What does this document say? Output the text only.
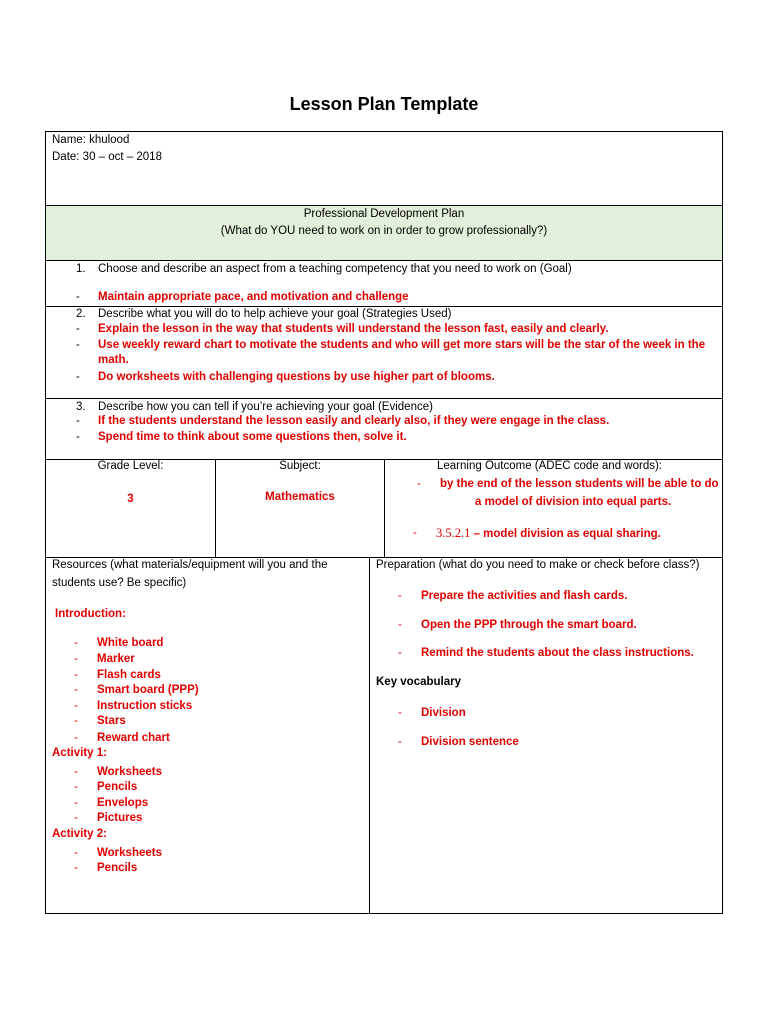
Lesson Plan Template
Name: khulood
Date: 30 – oct – 2018
Professional Development Plan
(What do YOU need to work on in order to grow professionally?)
1. Choose and describe an aspect from a teaching competency that you need to work on (Goal)
- Maintain appropriate pace, and motivation and challenge
2. Describe what you will do to help achieve your goal (Strategies Used)
- Explain the lesson in the way that students will understand the lesson fast, easily and clearly.
- Use weekly reward chart to motivate the students and who will get more stars will be the star of the week in the
math.
- Do worksheets with challenging questions by use higher part of blooms.
3. Describe how you can tell if you’re achieving your goal (Evidence)
- If the students understand the lesson easily and clearly also, if they were engage in the class.
- Spend time to think about some questions then, solve it.
Grade Level:
3
Subject:
Mathematics
Learning Outcome (ADEC code and words):
- by the end of the lesson students will be able to do
a model of division into equal parts.
- 3.5.2.1 – model division as equal sharing.
Resources (what materials/equipment will you and the
students use? Be specific)
Introduction:
- White board
- Marker
- Flash cards
- Smart board (PPP)
- Instruction sticks
- Stars
- Reward chart
Activity 1:
- Worksheets
- Pencils
- Envelops
- Pictures
Activity 2:
- Worksheets
- Pencils
Preparation (what do you need to make or check before class?)
- Prepare the activities and flash cards.
- Open the PPP through the smart board.
- Remind the students about the class instructions.
Key vocabulary
- Division
- Division sentence
